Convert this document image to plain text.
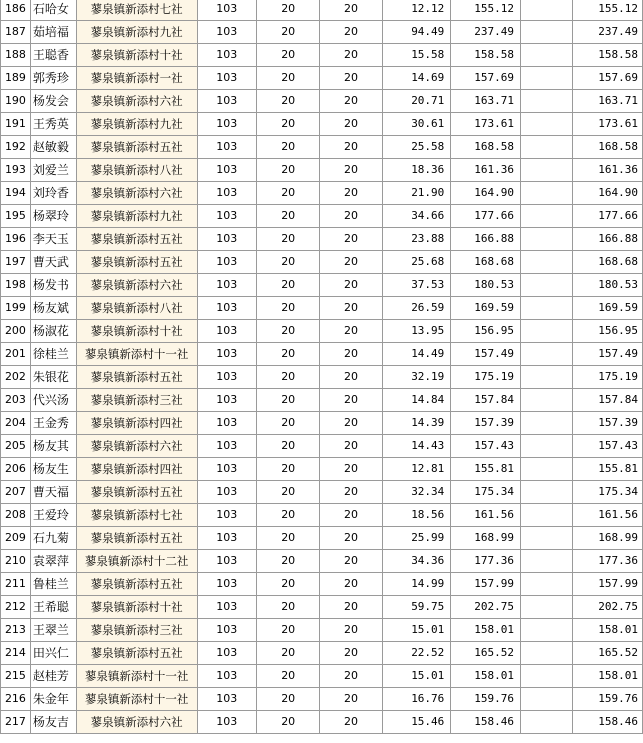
186	石哈女	蓼泉镇新添村七社	103	20	20	12.12	155.12		155.12
187	茹培福	蓼泉镇新添村九社	103	20	20	94.49	237.49		237.49
188	王聪香	蓼泉镇新添村十社	103	20	20	15.58	158.58		158.58
189	郭秀珍	蓼泉镇新添村一社	103	20	20	14.69	157.69		157.69
190	杨发会	蓼泉镇新添村六社	103	20	20	20.71	163.71		163.71
191	王秀英	蓼泉镇新添村九社	103	20	20	30.61	173.61		173.61
192	赵敏毅	蓼泉镇新添村五社	103	20	20	25.58	168.58		168.58
193	刘爱兰	蓼泉镇新添村八社	103	20	20	18.36	161.36		161.36
194	刘玲香	蓼泉镇新添村六社	103	20	20	21.90	164.90		164.90
195	杨翠玲	蓼泉镇新添村九社	103	20	20	34.66	177.66		177.66
196	李天玉	蓼泉镇新添村五社	103	20	20	23.88	166.88		166.88
197	曹天武	蓼泉镇新添村五社	103	20	20	25.68	168.68		168.68
198	杨发书	蓼泉镇新添村六社	103	20	20	37.53	180.53		180.53
199	杨友斌	蓼泉镇新添村八社	103	20	20	26.59	169.59		169.59
200	杨淑花	蓼泉镇新添村十社	103	20	20	13.95	156.95		156.95
201	徐桂兰	蓼泉镇新添村十一社	103	20	20	14.49	157.49		157.49
202	朱银花	蓼泉镇新添村五社	103	20	20	32.19	175.19		175.19
203	代兴汤	蓼泉镇新添村三社	103	20	20	14.84	157.84		157.84
204	王金秀	蓼泉镇新添村四社	103	20	20	14.39	157.39		157.39
205	杨友其	蓼泉镇新添村六社	103	20	20	14.43	157.43		157.43
206	杨友生	蓼泉镇新添村四社	103	20	20	12.81	155.81		155.81
207	曹天福	蓼泉镇新添村五社	103	20	20	32.34	175.34		175.34
208	王爱玲	蓼泉镇新添村七社	103	20	20	18.56	161.56		161.56
209	石九菊	蓼泉镇新添村五社	103	20	20	25.99	168.99		168.99
210	袁翠萍	蓼泉镇新添村十二社	103	20	20	34.36	177.36		177.36
211	鲁桂兰	蓼泉镇新添村五社	103	20	20	14.99	157.99		157.99
212	王希聪	蓼泉镇新添村十社	103	20	20	59.75	202.75		202.75
213	王翠兰	蓼泉镇新添村三社	103	20	20	15.01	158.01		158.01
214	田兴仁	蓼泉镇新添村五社	103	20	20	22.52	165.52		165.52
215	赵桂芳	蓼泉镇新添村十一社	103	20	20	15.01	158.01		158.01
216	朱金年	蓼泉镇新添村十一社	103	20	20	16.76	159.76		159.76
217	杨友吉	蓼泉镇新添村六社	103	20	20	15.46	158.46		158.46
